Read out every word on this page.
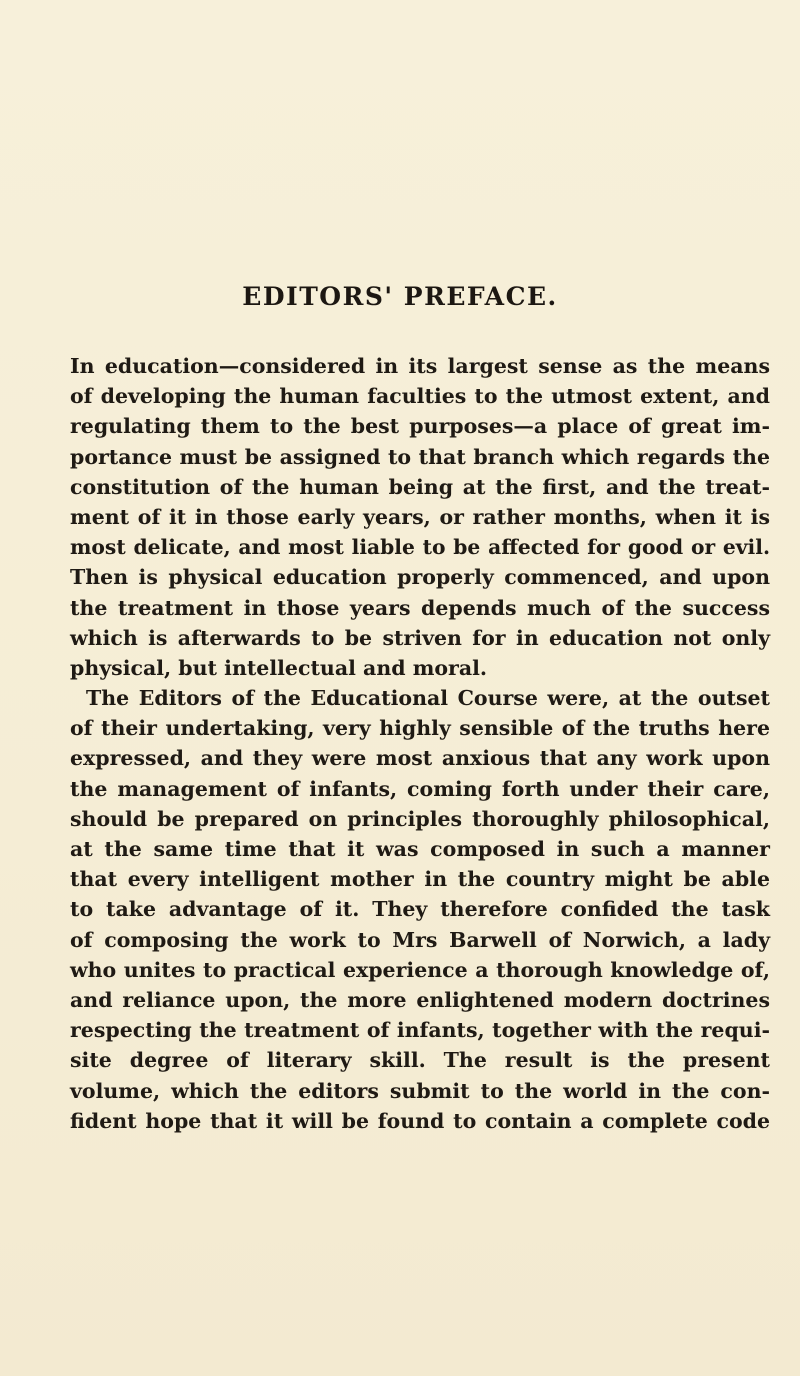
EDITORS' PREFACE.
In education—considered in its largest sense as the means
of developing the human faculties to the utmost extent, and
regulating them to the best purposes—a place of great im-
portance must be assigned to that branch which regards the
constitution of the human being at the first, and the treat-
ment of it in those early years, or rather months, when it is
most delicate, and most liable to be affected for good or evil.
Then is physical education properly commenced, and upon
the treatment in those years depends much of the success
which is afterwards to be striven for in education not only
physical, but intellectual and moral.
The Editors of the Educational Course were, at the outset
of their undertaking, very highly sensible of the truths here
expressed, and they were most anxious that any work upon
the management of infants, coming forth under their care,
should be prepared on principles thoroughly philosophical,
at the same time that it was composed in such a manner
that every intelligent mother in the country might be able
to take advantage of it. They therefore confided the task
of composing the work to Mrs Barwell of Norwich, a lady
who unites to practical experience a thorough knowledge of,
and reliance upon, the more enlightened modern doctrines
respecting the treatment of infants, together with the requi-
site degree of literary skill. The result is the present
volume, which the editors submit to the world in the con-
fident hope that it will be found to contain a complete code
